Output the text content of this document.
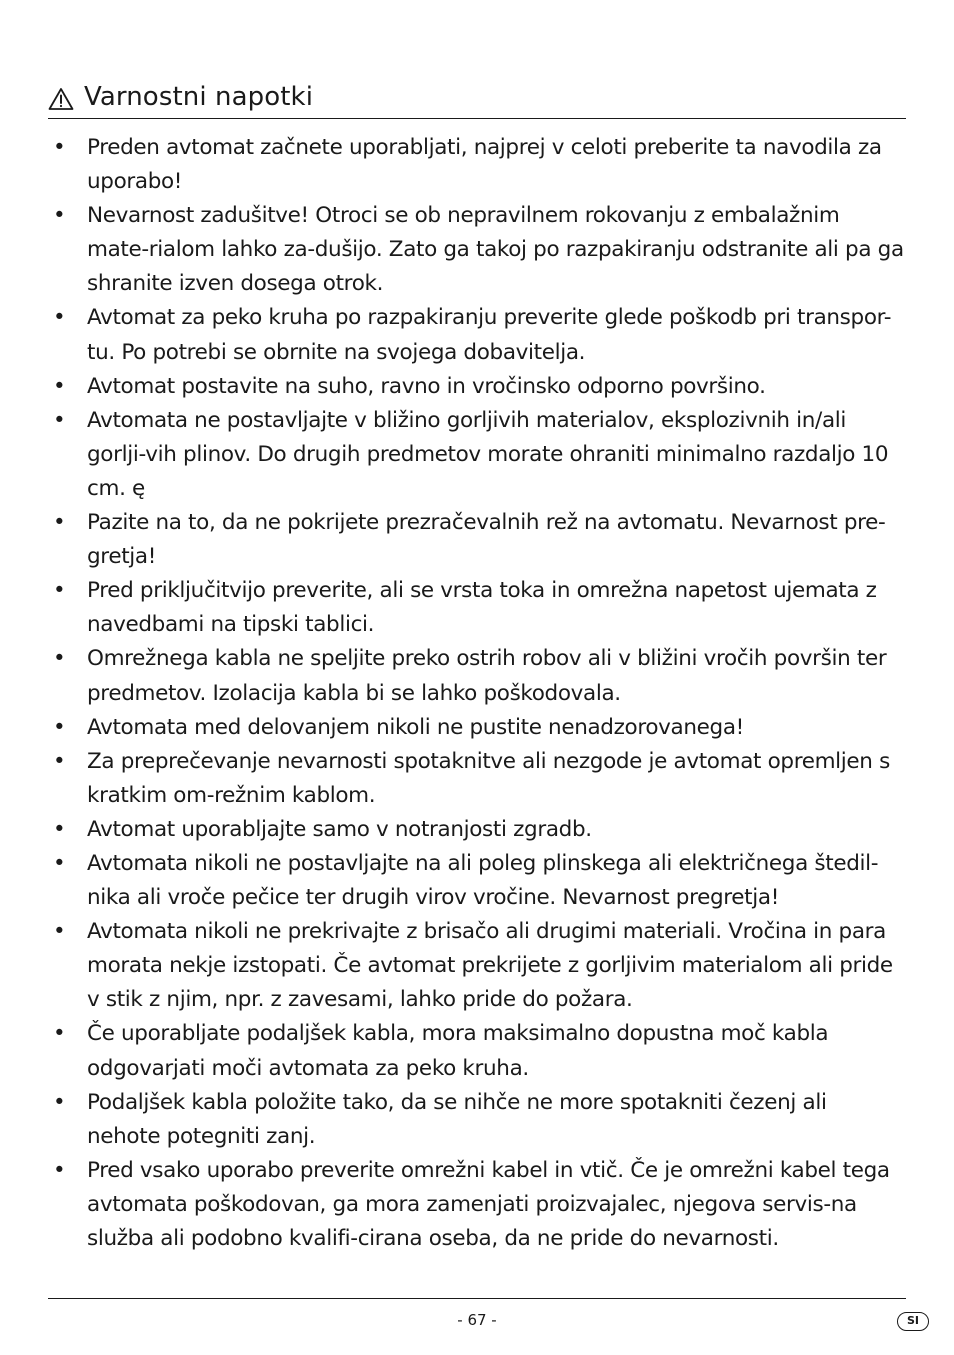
Varnostni napotki
• Preden avtomat začnete uporabljati, najprej v celoti preberite ta navodila za uporabo!
• Nevarnost zadušitve! Otroci se ob nepravilnem rokovanju z embalažnim mate-rialom lahko za-dušijo. Zato ga takoj po razpakiranju odstranite ali pa ga shranite izven dosega otrok.
• Avtomat za peko kruha po razpakiranju preverite glede poškodb pri transpor-tu. Po potrebi se obrnite na svojega dobavitelja.
• Avtomat postavite na suho, ravno in vročinsko odporno površino.
• Avtomata ne postavljajte v bližino gorljivih materialov, eksplozivnih in/ali gorlji-vih plinov. Do drugih predmetov morate ohraniti minimalno razdaljo 10 cm. ę
• Pazite na to, da ne pokrijete prezračevalnih rež na avtomatu. Nevarnost pre-gretja!
• Pred priključitvijo preverite, ali se vrsta toka in omrežna napetost ujemata z navedbami na tipski tablici.
• Omrežnega kabla ne speljite preko ostrih robov ali v bližini vročih površin ter predmetov. Izolacija kabla bi se lahko poškodovala.
• Avtomata med delovanjem nikoli ne pustite nenadzorovanega!
• Za preprečevanje nevarnosti spotaknitve ali nezgode je avtomat opremljen s kratkim om-režnim kablom.
• Avtomat uporabljajte samo v notranjosti zgradb.
• Avtomata nikoli ne postavljajte na ali poleg plinskega ali električnega štedil-nika ali vroče pečice ter drugih virov vročine. Nevarnost pregretja!
• Avtomata nikoli ne prekrivajte z brisačo ali drugimi materiali. Vročina in para morata nekje izstopati. Če avtomat prekrijete z gorljivim materialom ali pride v stik z njim, npr. z zavesami, lahko pride do požara.
• Če uporabljate podaljšek kabla, mora maksimalno dopustna moč kabla odgovarjati moči avtomata za peko kruha.
• Podaljšek kabla položite tako, da se nihče ne more spotakniti čezenj ali nehote potegniti zanj.
• Pred vsako uporabo preverite omrežni kabel in vtič. Če je omrežni kabel tega avtomata poškodovan, ga mora zamenjati proizvajalec, njegova servis-na služba ali podobno kvalifi-cirana oseba, da ne pride do nevarnosti.
- 67 -	SI
